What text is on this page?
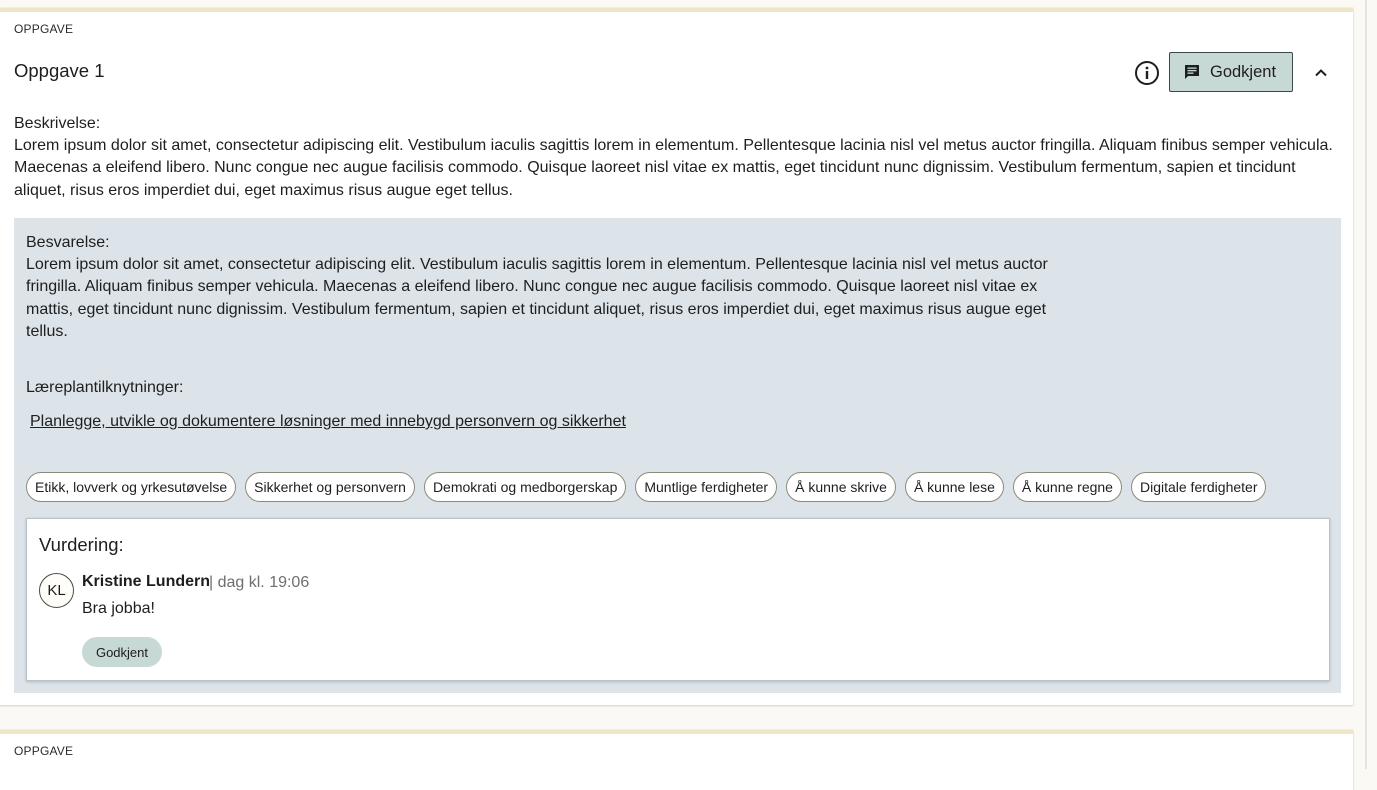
OPPGAVE
Oppgave 1	Godkjent
Beskrivelse:
Lorem ipsum dolor sit amet, consectetur adipiscing elit. Vestibulum iaculis sagittis lorem in elementum. Pellentesque lacinia nisl vel metus auctor fringilla. Aliquam finibus semper vehicula. Maecenas a eleifend libero. Nunc congue nec augue facilisis commodo. Quisque laoreet nisl vitae ex mattis, eget tincidunt nunc dignissim. Vestibulum fermentum, sapien et tincidunt aliquet, risus eros imperdiet dui, eget maximus risus augue eget tellus.
Besvarelse:
Lorem ipsum dolor sit amet, consectetur adipiscing elit. Vestibulum iaculis sagittis lorem in elementum. Pellentesque lacinia nisl vel metus auctor fringilla. Aliquam finibus semper vehicula. Maecenas a eleifend libero. Nunc congue nec augue facilisis commodo. Quisque laoreet nisl vitae ex mattis, eget tincidunt nunc dignissim. Vestibulum fermentum, sapien et tincidunt aliquet, risus eros imperdiet dui, eget maximus risus augue eget tellus.
Læreplantilknytninger:
Planlegge, utvikle og dokumentere løsninger med innebygd personvern og sikkerhet
Etikk, lovverk og yrkesutøvelse	Sikkerhet og personvern	Demokrati og medborgerskap	Muntlige ferdigheter	Å kunne skrive	Å kunne lese	Å kunne regne	Digitale ferdigheter
Vurdering:
KL
Kristine Lundern
| dag kl. 19:06
Bra jobba!
Godkjent
OPPGAVE
